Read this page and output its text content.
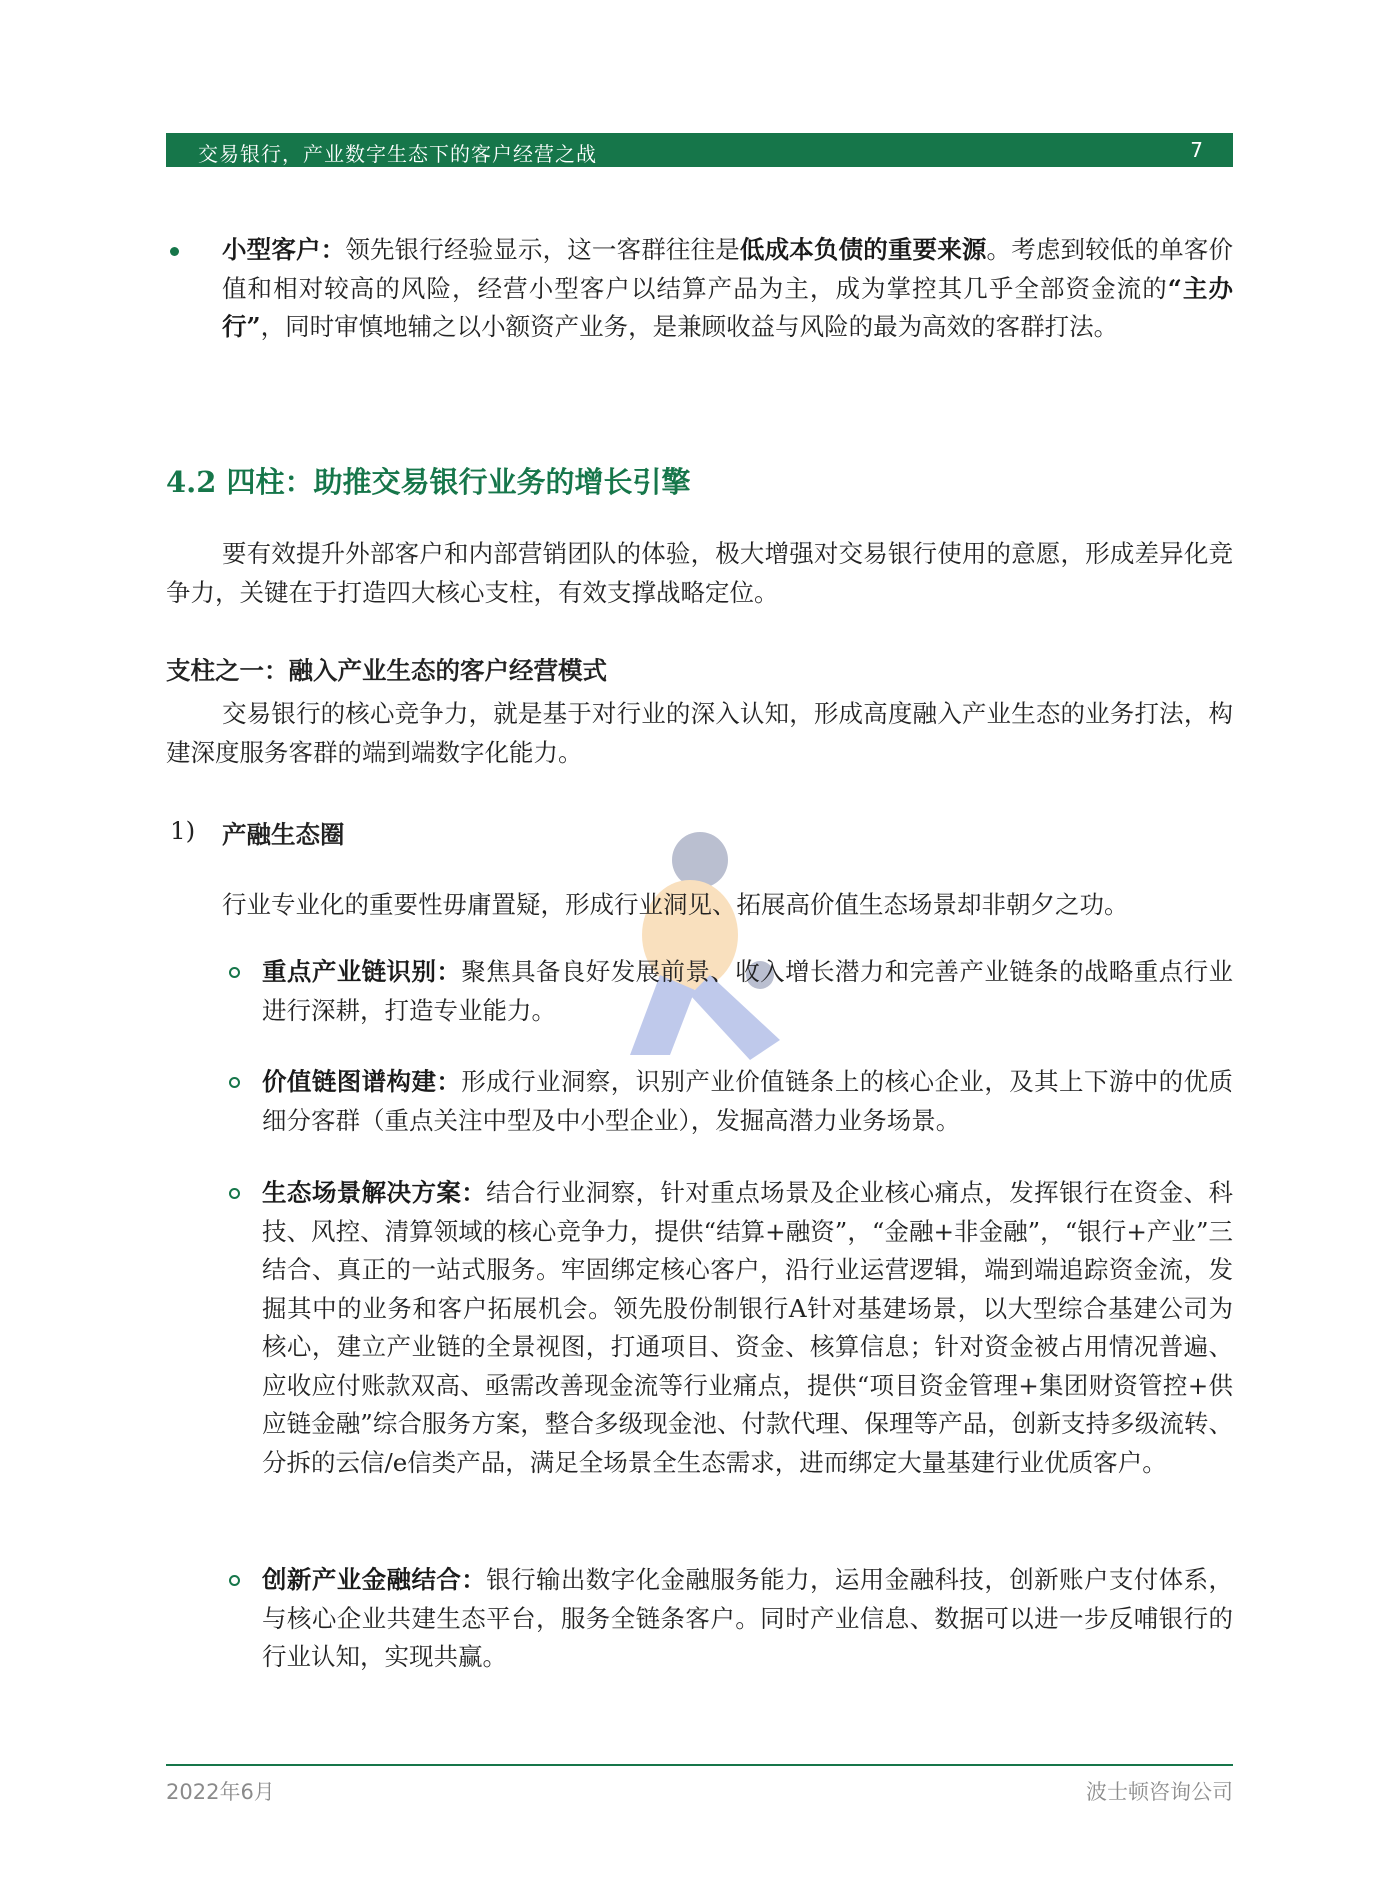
交易银行，产业数字生态下的客户经营之战	7
小型客户：领先银行经验显示，这一客群往往是低成本负债的重要来源。考虑到较低的单客价值和相对较高的风险，经营小型客户以结算产品为主，成为掌控其几乎全部资金流的“主办行”，同时审慎地辅之以小额资产业务，是兼顾收益与风险的最为高效的客群打法。
4.2 四柱：助推交易银行业务的增长引擎
要有效提升外部客户和内部营销团队的体验，极大增强对交易银行使用的意愿，形成差异化竞争力，关键在于打造四大核心支柱，有效支撑战略定位。
支柱之一：融入产业生态的客户经营模式
交易银行的核心竞争力，就是基于对行业的深入认知，形成高度融入产业生态的业务打法，构建深度服务客群的端到端数字化能力。
1) 产融生态圈
行业专业化的重要性毋庸置疑，形成行业洞见、拓展高价值生态场景却非朝夕之功。
重点产业链识别：聚焦具备良好发展前景、收入增长潜力和完善产业链条的战略重点行业进行深耕，打造专业能力。
价值链图谱构建：形成行业洞察，识别产业价值链条上的核心企业，及其上下游中的优质细分客群（重点关注中型及中小型企业），发掘高潜力业务场景。
生态场景解决方案：结合行业洞察，针对重点场景及企业核心痛点，发挥银行在资金、科技、风控、清算领域的核心竞争力，提供“结算+融资”，“金融+非金融”，“银行+产业”三结合、真正的一站式服务。牢固绑定核心客户，沿行业运营逻辑，端到端追踪资金流，发掘其中的业务和客户拓展机会。领先股份制银行A针对基建场景，以大型综合基建公司为核心，建立产业链的全景视图，打通项目、资金、核算信息；针对资金被占用情况普遍、应收应付账款双高、亟需改善现金流等行业痛点，提供“项目资金管理+集团财资管控+供应链金融”综合服务方案，整合多级现金池、付款代理、保理等产品，创新支持多级流转、分拆的云信/e信类产品，满足全场景全生态需求，进而绑定大量基建行业优质客户。
创新产业金融结合：银行输出数字化金融服务能力，运用金融科技，创新账户支付体系，与核心企业共建生态平台，服务全链条客户。同时产业信息、数据可以进一步反哺银行的行业认知，实现共赢。
2022年6月	波士顿咨询公司
